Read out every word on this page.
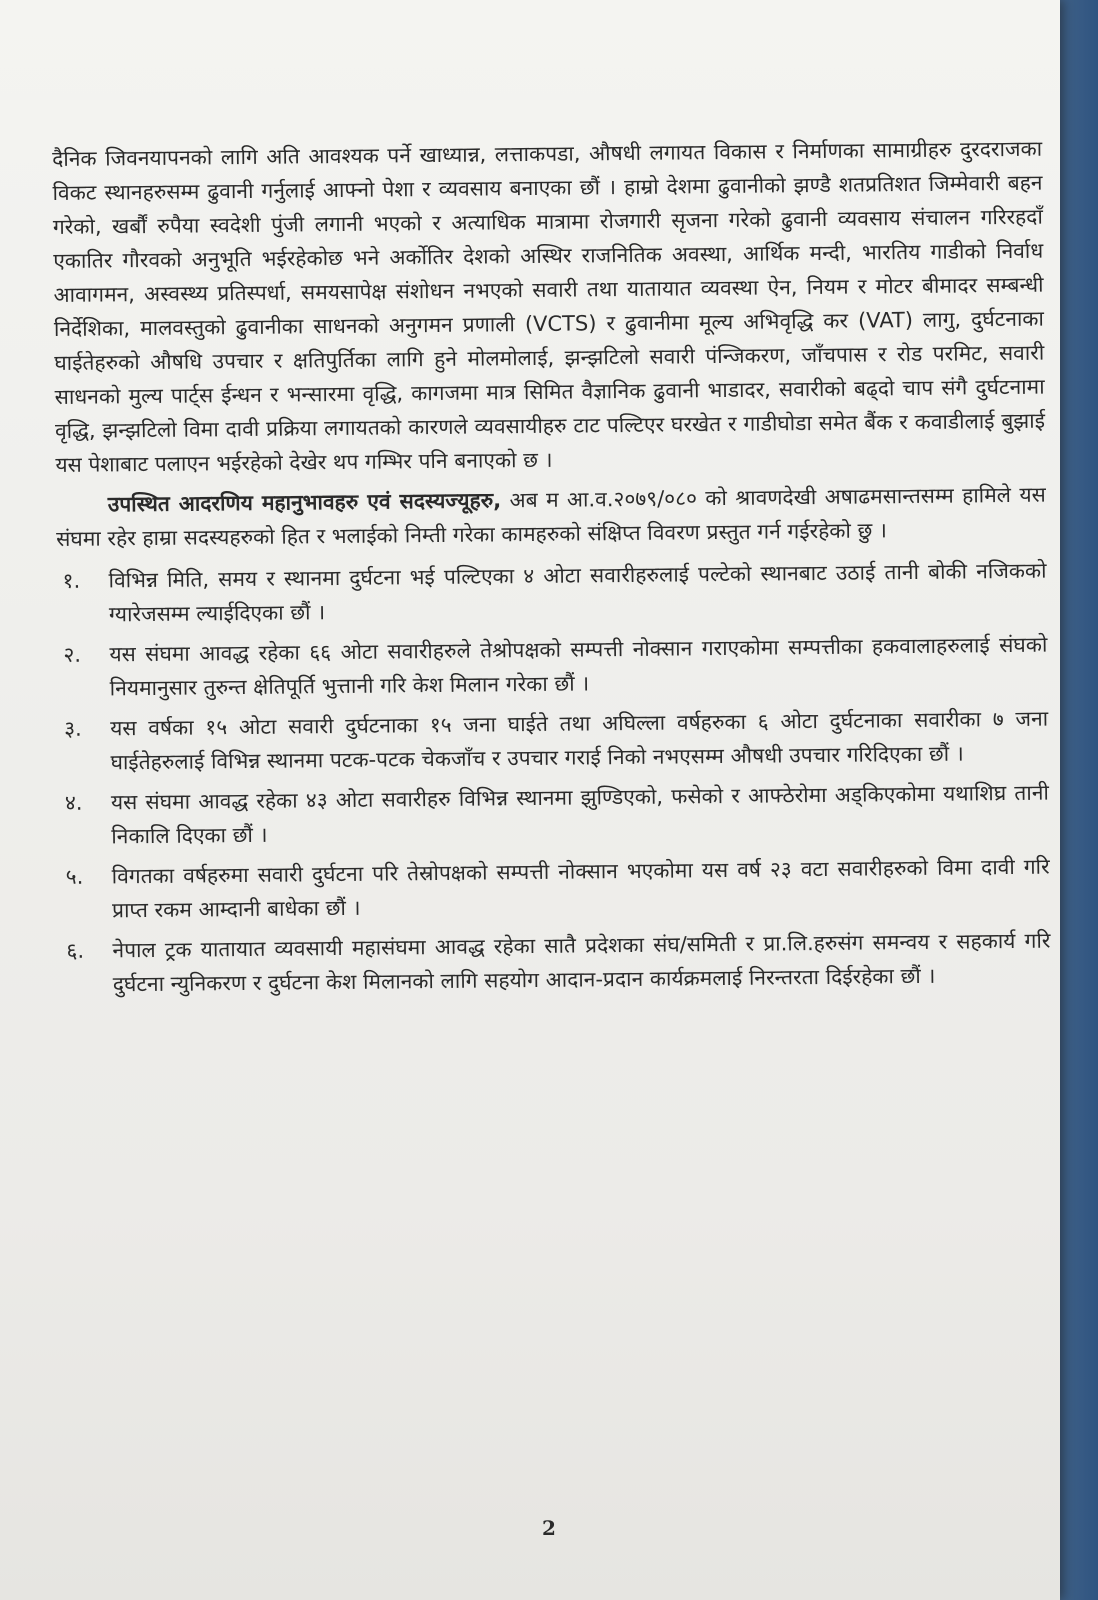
दैनिक जिवनयापनको लागि अति आवश्यक पर्ने खाध्यान्न, लत्ताकपडा, औषधी लगायत विकास र निर्माणका सामाग्रीहरु दुरदराजका विकट स्थानहरुसम्म ढुवानी गर्नुलाई आफ्नो पेशा र व्यवसाय बनाएका छौं । हाम्रो देशमा ढुवानीको झण्डै शतप्रतिशत जिम्मेवारी बहन गरेको, खर्बौं रुपैया स्वदेशी पुंजी लगानी भएको र अत्याधिक मात्रामा रोजगारी सृजना गरेको ढुवानी व्यवसाय संचालन गरिरहदाँ एकातिर गौरवको अनुभूति भईरहेकोछ भने अर्कोतिर देशको अस्थिर राजनितिक अवस्था, आर्थिक मन्दी, भारतिय गाडीको निर्वाध आवागमन, अस्वस्थ्य प्रतिस्पर्धा, समयसापेक्ष संशोधन नभएको सवारी तथा यातायात व्यवस्था ऐन, नियम र मोटर बीमादर सम्बन्धी निर्देशिका, मालवस्तुको ढुवानीका साधनको अनुगमन प्रणाली (VCTS) र ढुवानीमा मूल्य अभिवृद्धि कर (VAT) लागु, दुर्घटनाका घाईतेहरुको औषधि उपचार र क्षतिपुर्तिका लागि हुने मोलमोलाई, झन्झटिलो सवारी पंन्जिकरण, जाँचपास र रोड परमिट, सवारी साधनको मुल्य पार्ट्स ईन्धन र भन्सारमा वृद्धि, कागजमा मात्र सिमित वैज्ञानिक ढुवानी भाडादर, सवारीको बढ्दो चाप संगै दुर्घटनामा वृद्धि, झन्झटिलो विमा दावी प्रक्रिया लगायतको कारणले व्यवसायीहरु टाट पल्टिएर घरखेत र गाडीघोडा समेत बैंक र कवाडीलाई बुझाई यस पेशाबाट पलाएन भईरहेको देखेर थप गम्भिर पनि बनाएको छ ।

उपस्थित आदरणिय महानुभावहरु एवं सदस्यज्यूहरु, अब म आ.व.२०७९/०८० को श्रावणदेखी अषाढमसान्तसम्म हामिले यस संघमा रहेर हाम्रा सदस्यहरुको हित र भलाईको निम्ती गरेका कामहरुको संक्षिप्त विवरण प्रस्तुत गर्न गईरहेको छु ।

१.	विभिन्न मिति, समय र स्थानमा दुर्घटना भई पल्टिएका ४ ओटा सवारीहरुलाई पल्टेको स्थानबाट उठाई तानी बोकी नजिकको ग्यारेजसम्म ल्याईदिएका छौं ।
२.	यस संघमा आवद्ध रहेका ६६ ओटा सवारीहरुले तेश्रोपक्षको सम्पत्ती नोक्सान गराएकोमा सम्पत्तीका हकवालाहरुलाई संघको नियमानुसार तुरुन्त क्षेतिपूर्ति भुत्तानी गरि केश मिलान गरेका छौं ।
३.	यस वर्षका १५ ओटा सवारी दुर्घटनाका १५ जना घाईते तथा अघिल्ला वर्षहरुका ६ ओटा दुर्घटनाका सवारीका ७ जना घाईतेहरुलाई विभिन्न स्थानमा पटक-पटक चेकजाँच र उपचार गराई निको नभएसम्म औषधी उपचार गरिदिएका छौं ।
४.	यस संघमा आवद्ध रहेका ४३ ओटा सवारीहरु विभिन्न स्थानमा झुण्डिएको, फसेको र आफ्ठेरोमा अड्किएकोमा यथाशिघ्र तानी निकालि दिएका छौं ।
५.	विगतका वर्षहरुमा सवारी दुर्घटना परि तेस्रोपक्षको सम्पत्ती नोक्सान भएकोमा यस वर्ष २३ वटा सवारीहरुको विमा दावी गरि प्राप्त रकम आम्दानी बाधेका छौं ।
६.	नेपाल ट्रक यातायात व्यवसायी महासंघमा आवद्ध रहेका सातै प्रदेशका संघ/समिती र प्रा.लि.हरुसंग समन्वय र सहकार्य गरि दुर्घटना न्युनिकरण र दुर्घटना केश मिलानको लागि सहयोग आदान-प्रदान कार्यक्रमलाई निरन्तरता दिईरहेका छौं ।
2
